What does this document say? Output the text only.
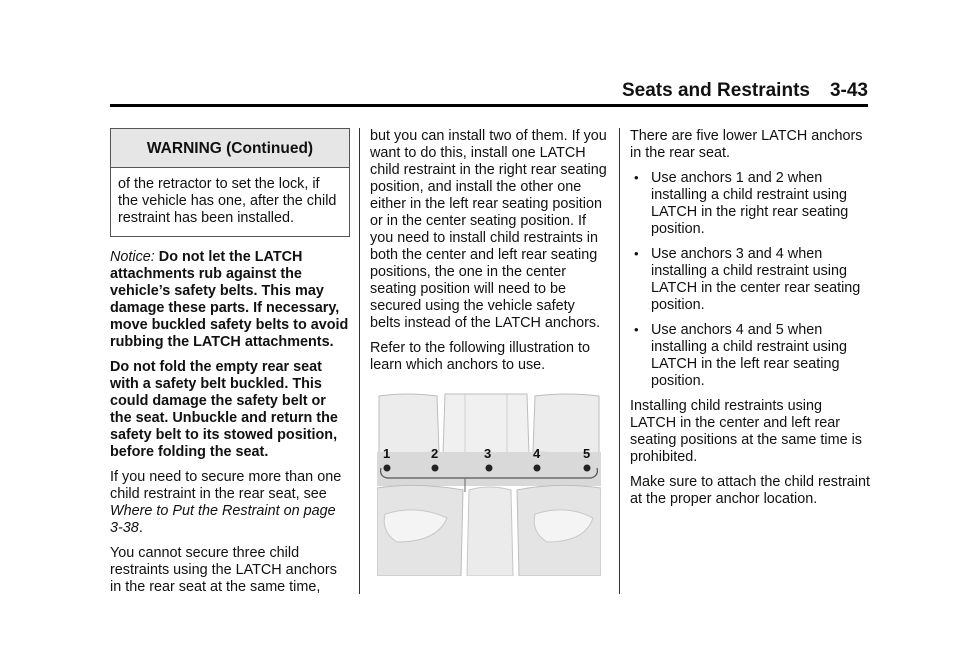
Seats and Restraints 3-43
WARNING (Continued)
of the retractor to set the lock, if the vehicle has one, after the child restraint has been installed.

Notice: Do not let the LATCH attachments rub against the vehicle’s safety belts. This may damage these parts. If necessary, move buckled safety belts to avoid rubbing the LATCH attachments.

Do not fold the empty rear seat with a safety belt buckled. This could damage the safety belt or the seat. Unbuckle and return the safety belt to its stowed position, before folding the seat.

If you need to secure more than one child restraint in the rear seat, see Where to Put the Restraint on page 3-38.

You cannot secure three child restraints using the LATCH anchors in the rear seat at the same time,

but you can install two of them. If you want to do this, install one LATCH child restraint in the right rear seating position, and install the other one either in the left rear seating position or in the center seating position. If you need to install child restraints in both the center and left rear seating positions, the one in the center seating position will need to be secured using the vehicle safety belts instead of the LATCH anchors.

Refer to the following illustration to learn which anchors to use.

1	2	3	4	5

There are five lower LATCH anchors in the rear seat.

• Use anchors 1 and 2 when installing a child restraint using LATCH in the right rear seating position.
• Use anchors 3 and 4 when installing a child restraint using LATCH in the center rear seating position.
• Use anchors 4 and 5 when installing a child restraint using LATCH in the left rear seating position.

Installing child restraints using LATCH in the center and left rear seating positions at the same time is prohibited.

Make sure to attach the child restraint at the proper anchor location.
